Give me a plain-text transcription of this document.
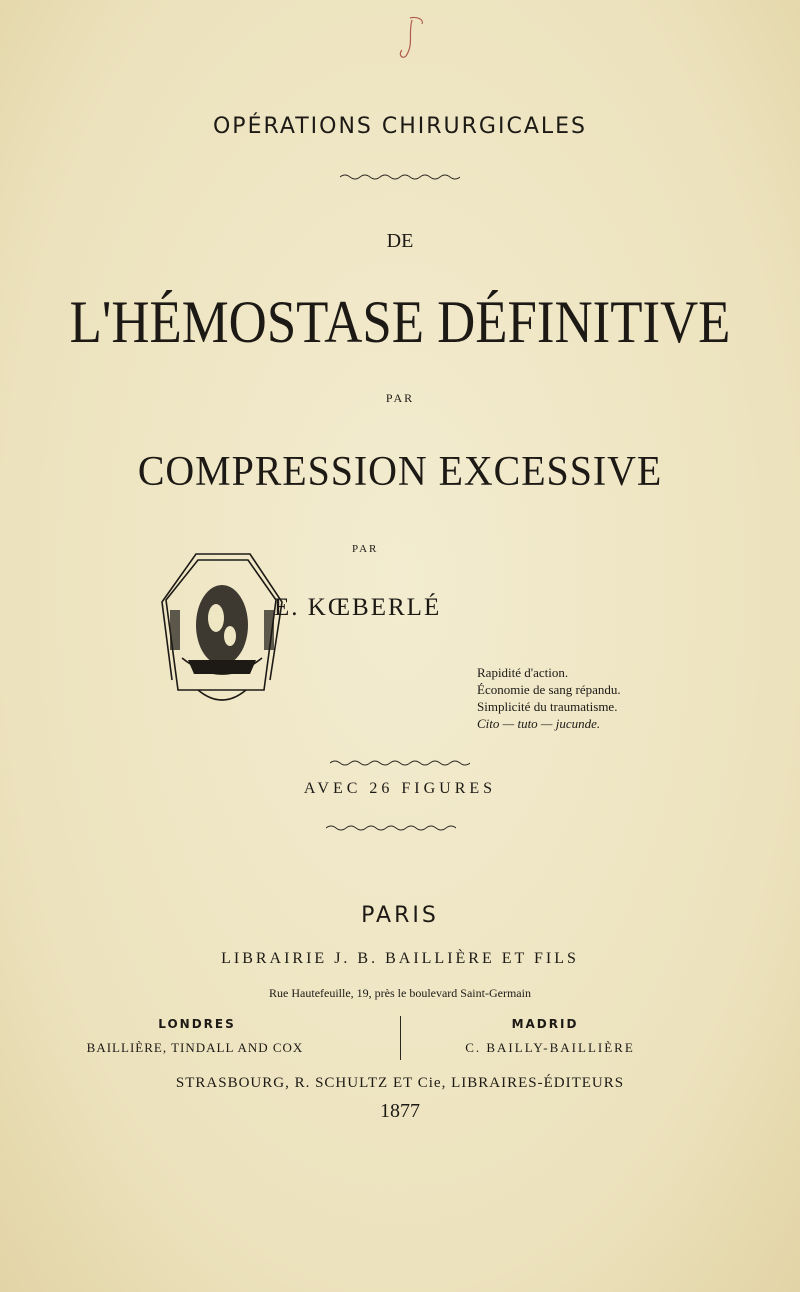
OPÉRATIONS CHIRURGICALES
DE
L'HÉMOSTASE DÉFINITIVE
PAR
COMPRESSION EXCESSIVE
PAR
E. KŒBERLÉ
Rapidité d'action.
Économie de sang répandu.
Simplicité du traumatisme.
Cito — tuto — jucunde.
AVEC 26 FIGURES
PARIS
LIBRAIRIE J. B. BAILLIÈRE ET FILS
Rue Hautefeuille, 19, près le boulevard Saint-Germain
LONDRES
BAILLIÈRE, TINDALL AND COX
MADRID
C. BAILLY-BAILLIÈRE
STRASBOURG, R. SCHULTZ ET Cie, LIBRAIRES-ÉDITEURS
1877
